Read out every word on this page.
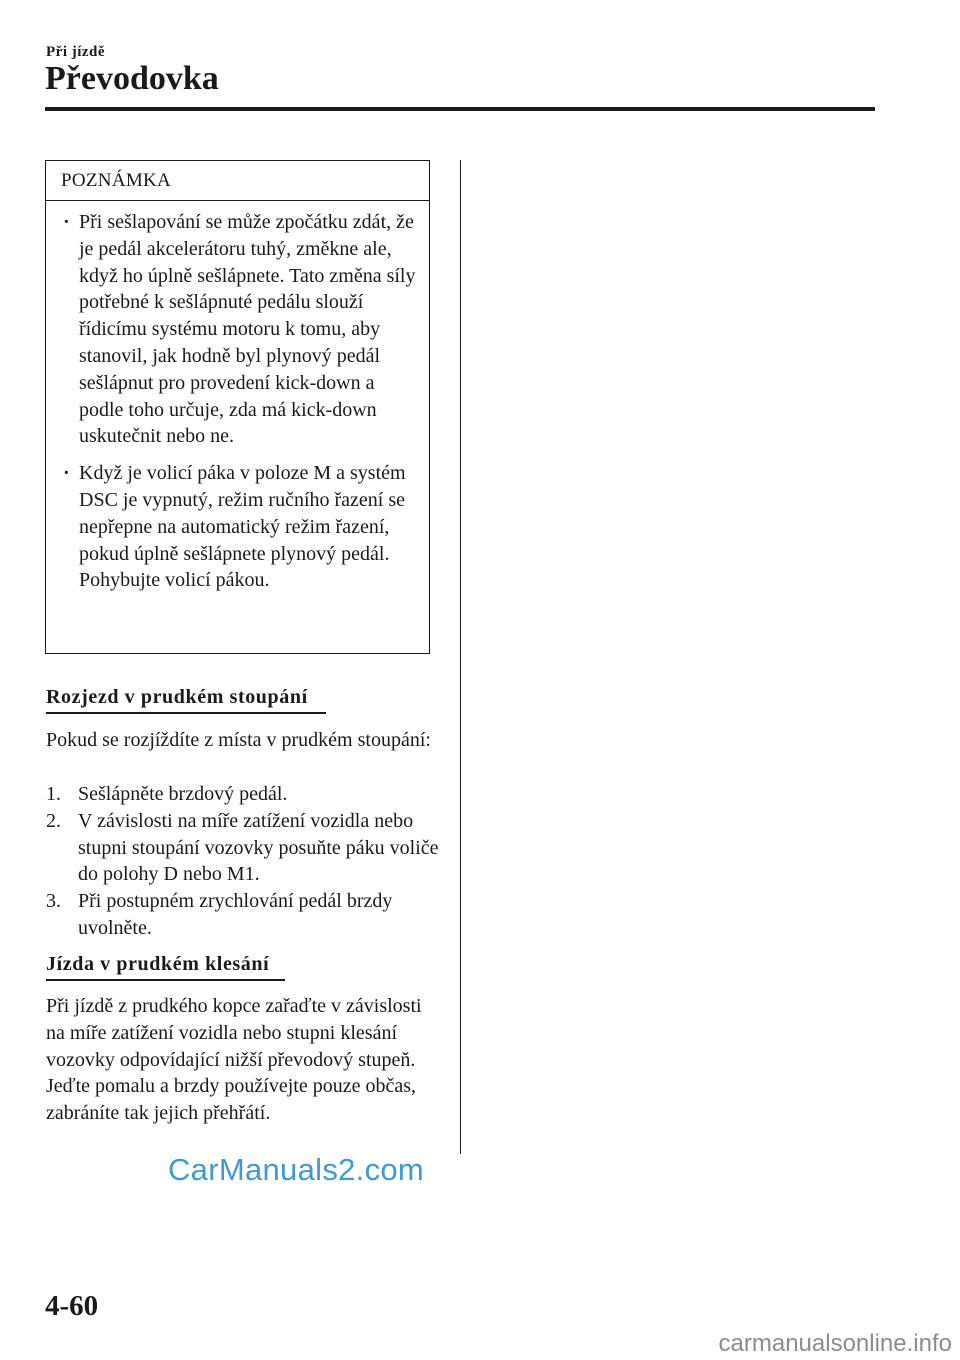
Při jízdě
Převodovka
POZNÁMKA
· Při sešlapování se může zpočátku zdát, že je pedál akcelerátoru tuhý, změkne ale, když ho úplně sešlápnete. Tato změna síly potřebné k sešlápnuté pedálu slouží řídicímu systému motoru k tomu, aby stanovil, jak hodně byl plynový pedál sešlápnut pro provedení kick-down a podle toho určuje, zda má kick-down uskutečnit nebo ne.
· Když je volicí páka v poloze M a systém DSC je vypnutý, režim ručního řazení se nepřepne na automatický režim řazení, pokud úplně sešlápnete plynový pedál. Pohybujte volicí pákou.
Rozjezd v prudkém stoupání

Pokud se rozjíždíte z místa v prudkém stoupání:

1. Sešlápněte brzdový pedál.
2. V závislosti na míře zatížení vozidla nebo stupni stoupání vozovky posuňte páku voliče do polohy D nebo M1.
3. Při postupném zrychlování pedál brzdy uvolněte.
Jízda v prudkém klesání

Při jízdě z prudkého kopce zařaďte v závislosti na míře zatížení vozidla nebo stupni klesání vozovky odpovídající nižší převodový stupeň. Jeďte pomalu a brzdy používejte pouze občas, zabráníte tak jejich přehřátí.

CarManuals2.com
4-60
carmanualsonline.info
